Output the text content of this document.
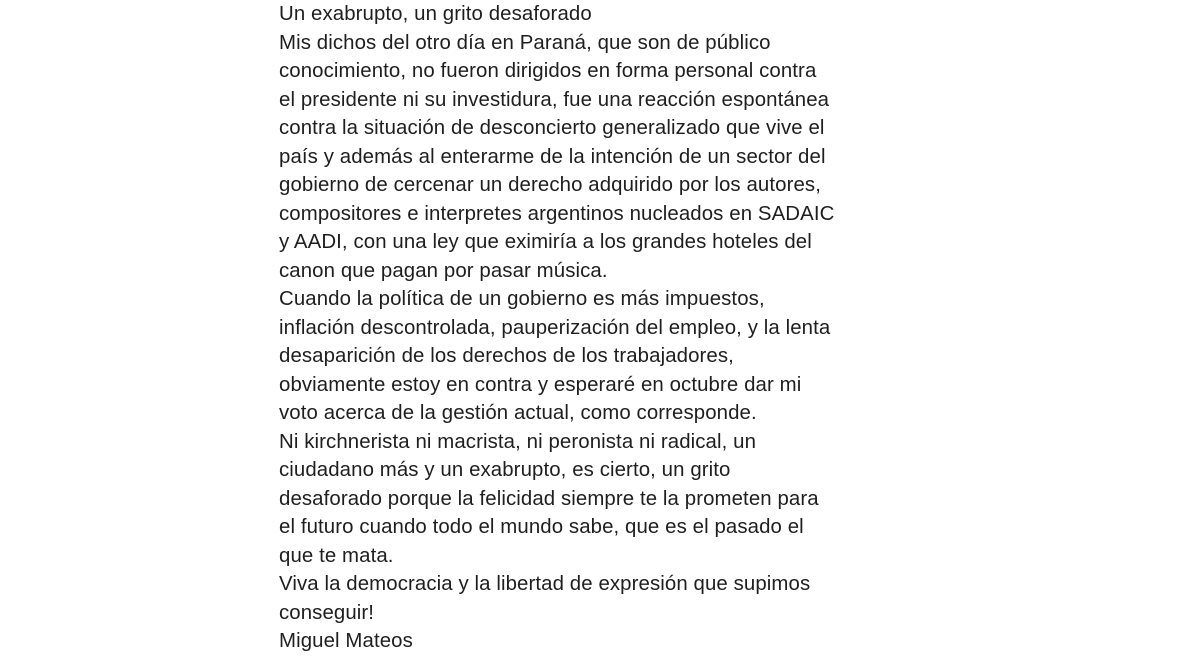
Un exabrupto, un grito desaforado
Mis dichos del otro día en Paraná, que son de público
conocimiento, no fueron dirigidos en forma personal contra
el presidente ni su investidura, fue una reacción espontánea
contra la situación de desconcierto generalizado que vive el
país y además al enterarme de la intención de un sector del
gobierno de cercenar un derecho adquirido por los autores,
compositores e interpretes argentinos nucleados en SADAIC
y AADI, con una ley que eximiría a los grandes hoteles del
canon que pagan por pasar música.
Cuando la política de un gobierno es más impuestos,
inflación descontrolada, pauperización del empleo, y la lenta
desaparición de los derechos de los trabajadores,
obviamente estoy en contra y esperaré en octubre dar mi
voto acerca de la gestión actual, como corresponde.
Ni kirchnerista ni macrista, ni peronista ni radical, un
ciudadano más y un exabrupto, es cierto, un grito
desaforado porque la felicidad siempre te la prometen para
el futuro cuando todo el mundo sabe, que es el pasado el
que te mata.
Viva la democracia y la libertad de expresión que supimos
conseguir!
Miguel Mateos
